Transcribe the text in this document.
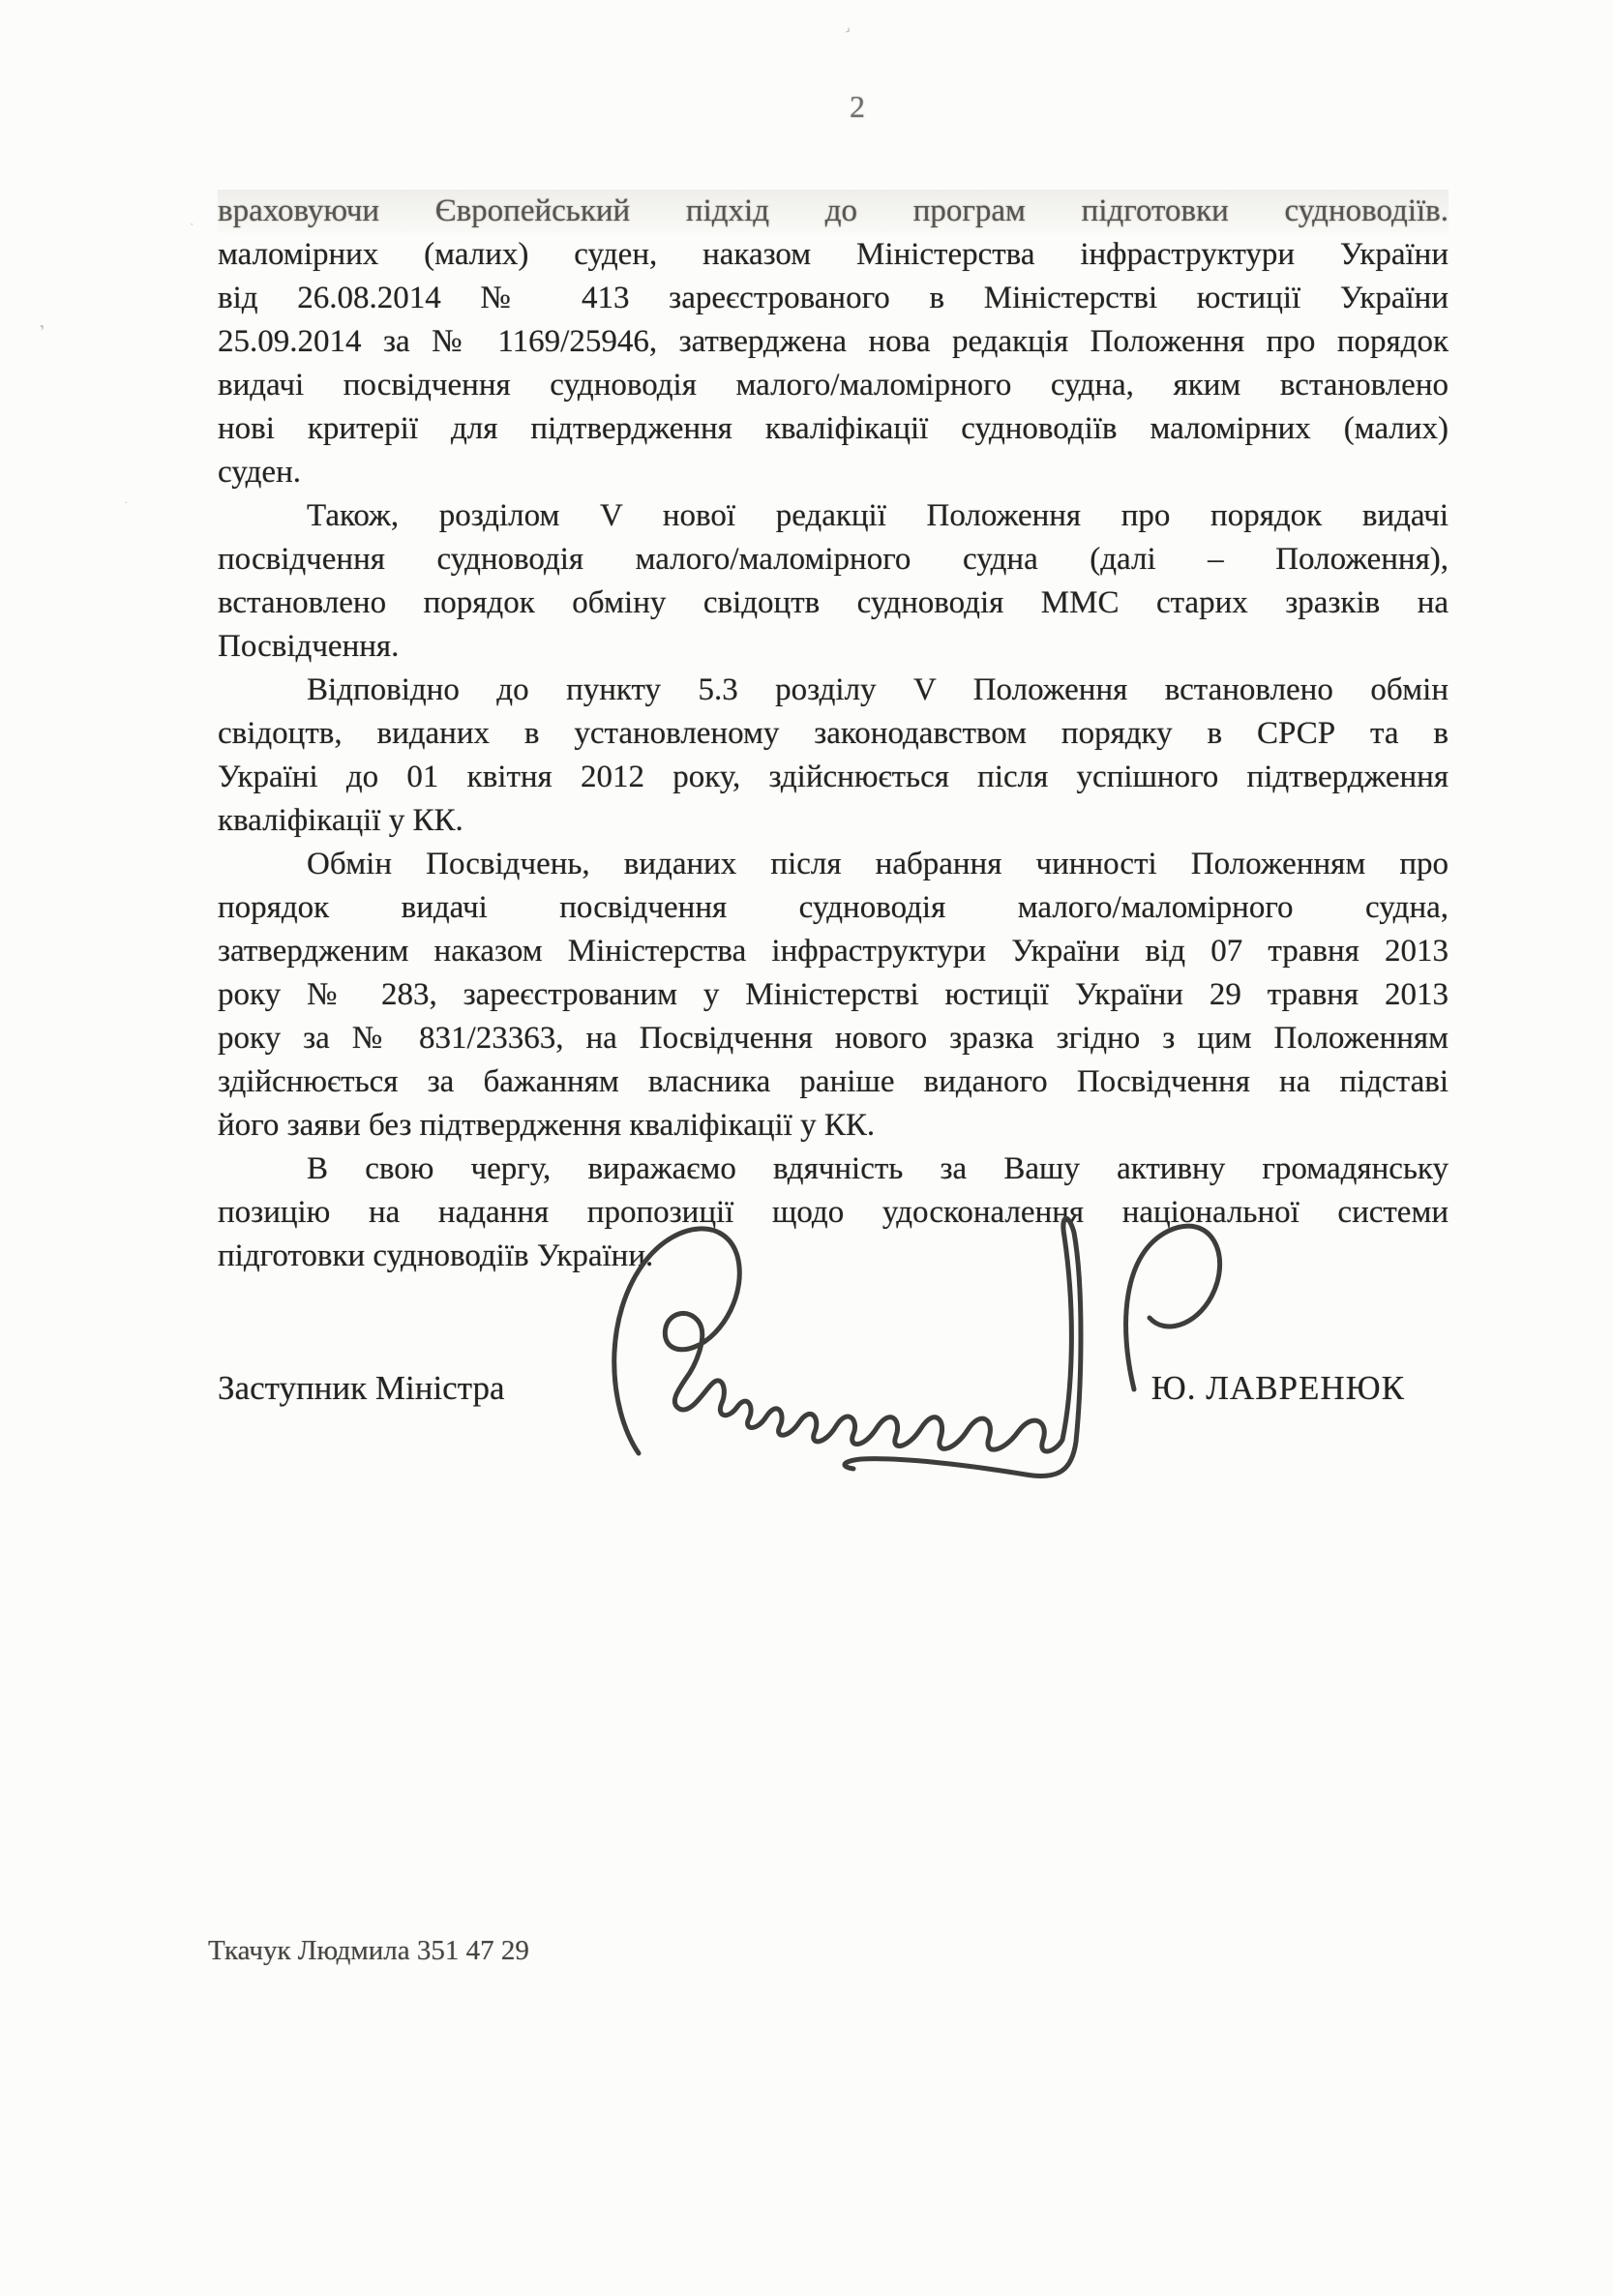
2
враховуючи Європейський підхід до програм підготовки судноводіїв.
маломірних (малих) суден, наказом Міністерства інфраструктури України
від 26.08.2014 № 413 зареєстрованого в Міністерстві юстиції України
25.09.2014 за № 1169/25946, затверджена нова редакція Положення про порядок
видачі посвідчення судноводія малого/маломірного судна, яким встановлено
нові критерії для підтвердження кваліфікації судноводіїв маломірних (малих)
суден.
Також, розділом V нової редакції Положення про порядок видачі
посвідчення судноводія малого/маломірного судна (далі – Положення),
встановлено порядок обміну свідоцтв судноводія ММС старих зразків на
Посвідчення.
Відповідно до пункту 5.3 розділу V Положення встановлено обмін
свідоцтв, виданих в установленому законодавством порядку в СРСР та в
Україні до 01 квітня 2012 року, здійснюється після успішного підтвердження
кваліфікації у КК.
Обмін Посвідчень, виданих після набрання чинності Положенням про
порядок видачі посвідчення судноводія малого/маломірного судна,
затвердженим наказом Міністерства інфраструктури України від 07 травня 2013
року № 283, зареєстрованим у Міністерстві юстиції України 29 травня 2013
року за № 831/23363, на Посвідчення нового зразка згідно з цим Положенням
здійснюється за бажанням власника раніше виданого Посвідчення на підставі
його заяви без підтвердження кваліфікації у КК.
В свою чергу, виражаємо вдячність за Вашу активну громадянську
позицію на надання пропозиції щодо удосконалення національної системи
підготовки судноводіїв України.
Заступник Міністра	Ю. ЛАВРЕНЮК
Ткачук Людмила 351 47 29
’
›
·
·
